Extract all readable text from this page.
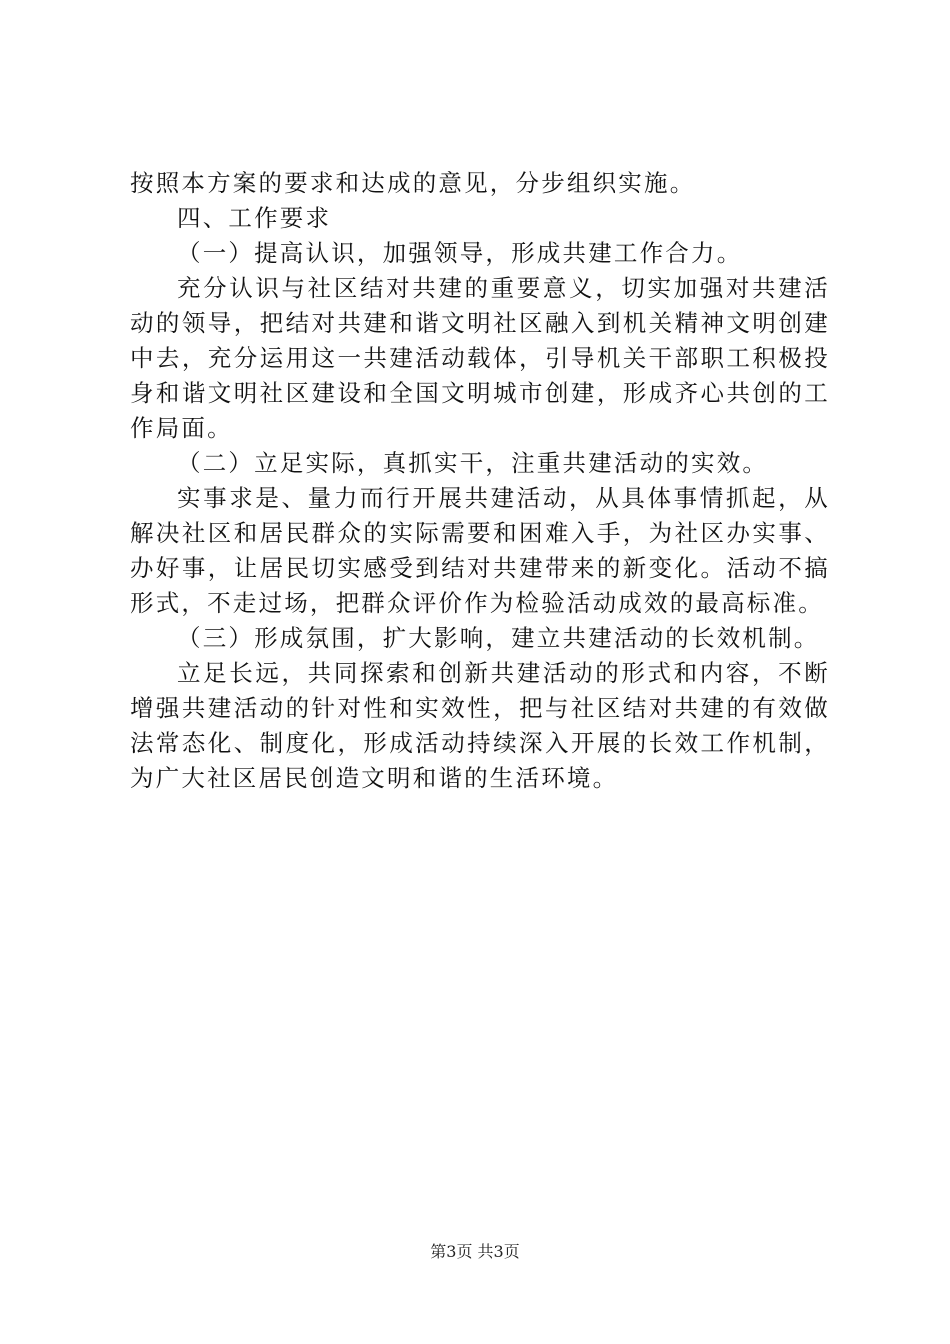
按照本方案的要求和达成的意见，分步组织实施。

四、工作要求

（一）提高认识，加强领导，形成共建工作合力。

充分认识与社区结对共建的重要意义，切实加强对共建活动的领导，把结对共建和谐文明社区融入到机关精神文明创建中去，充分运用这一共建活动载体，引导机关干部职工积极投身和谐文明社区建设和全国文明城市创建，形成齐心共创的工作局面。

（二）立足实际，真抓实干，注重共建活动的实效。

实事求是、量力而行开展共建活动，从具体事情抓起，从解决社区和居民群众的实际需要和困难入手，为社区办实事、办好事，让居民切实感受到结对共建带来的新变化。活动不搞形式，不走过场，把群众评价作为检验活动成效的最高标准。

（三）形成氛围，扩大影响，建立共建活动的长效机制。

立足长远，共同探索和创新共建活动的形式和内容，不断增强共建活动的针对性和实效性，把与社区结对共建的有效做法常态化、制度化，形成活动持续深入开展的长效工作机制，为广大社区居民创造文明和谐的生活环境。

第3页 共3页
